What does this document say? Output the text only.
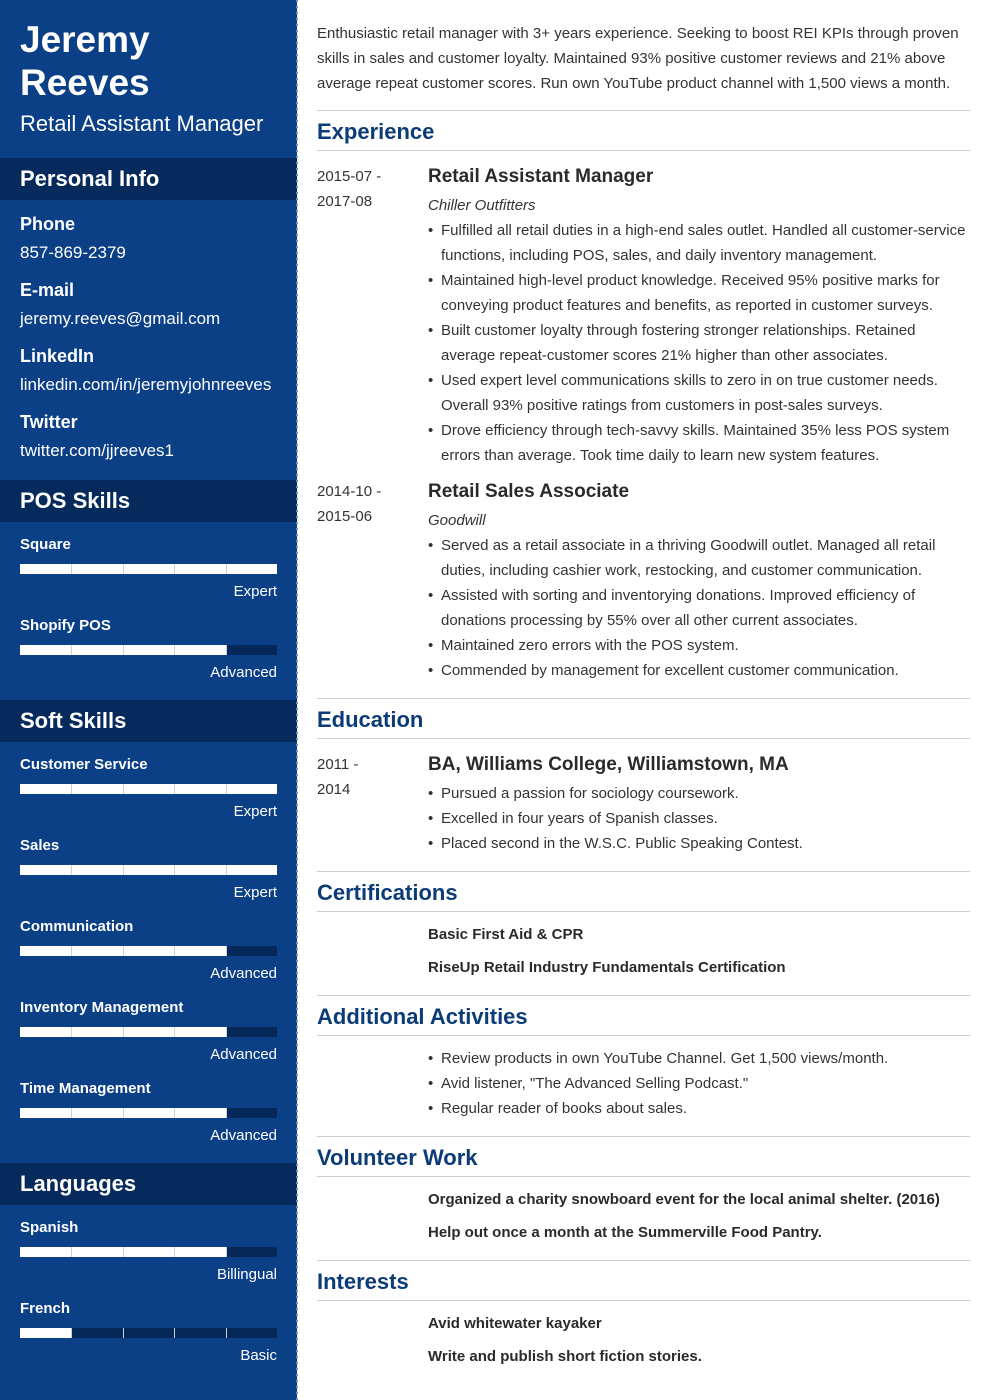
Jeremy
Reeves
Retail Assistant Manager
Personal Info
Phone
857-869-2379
E-mail
jeremy.reeves@gmail.com
LinkedIn
linkedin.com/in/jeremyjohnreeves
Twitter
twitter.com/jjreeves1
POS Skills
Square
Expert
Shopify POS
Advanced
Soft Skills
Customer Service
Expert
Sales
Expert
Communication
Advanced
Inventory Management
Advanced
Time Management
Advanced
Languages
Spanish
Billingual
French
Basic
Enthusiastic retail manager with 3+ years experience. Seeking to boost REI KPIs through proven skills in sales and customer loyalty. Maintained 93% positive customer reviews and 21% above average repeat customer scores. Run own YouTube product channel with 1,500 views a month.
Experience
2015-07 -
2017-08
Retail Assistant Manager
Chiller Outfitters
• Fulfilled all retail duties in a high-end sales outlet. Handled all customer-service functions, including POS, sales, and daily inventory management.
• Maintained high-level product knowledge. Received 95% positive marks for conveying product features and benefits, as reported in customer surveys.
• Built customer loyalty through fostering stronger relationships. Retained average repeat-customer scores 21% higher than other associates.
• Used expert level communications skills to zero in on true customer needs. Overall 93% positive ratings from customers in post-sales surveys.
• Drove efficiency through tech-savvy skills. Maintained 35% less POS system errors than average. Took time daily to learn new system features.
2014-10 -
2015-06
Retail Sales Associate
Goodwill
• Served as a retail associate in a thriving Goodwill outlet. Managed all retail duties, including cashier work, restocking, and customer communication.
• Assisted with sorting and inventorying donations. Improved efficiency of donations processing by 55% over all other current associates.
• Maintained zero errors with the POS system.
• Commended by management for excellent customer communication.
Education
2011 -
2014
BA, Williams College, Williamstown, MA
• Pursued a passion for sociology coursework.
• Excelled in four years of Spanish classes.
• Placed second in the W.S.C. Public Speaking Contest.
Certifications
Basic First Aid & CPR
RiseUp Retail Industry Fundamentals Certification
Additional Activities
• Review products in own YouTube Channel. Get 1,500 views/month.
• Avid listener, "The Advanced Selling Podcast."
• Regular reader of books about sales.
Volunteer Work
Organized a charity snowboard event for the local animal shelter. (2016)
Help out once a month at the Summerville Food Pantry.
Interests
Avid whitewater kayaker
Write and publish short fiction stories.
